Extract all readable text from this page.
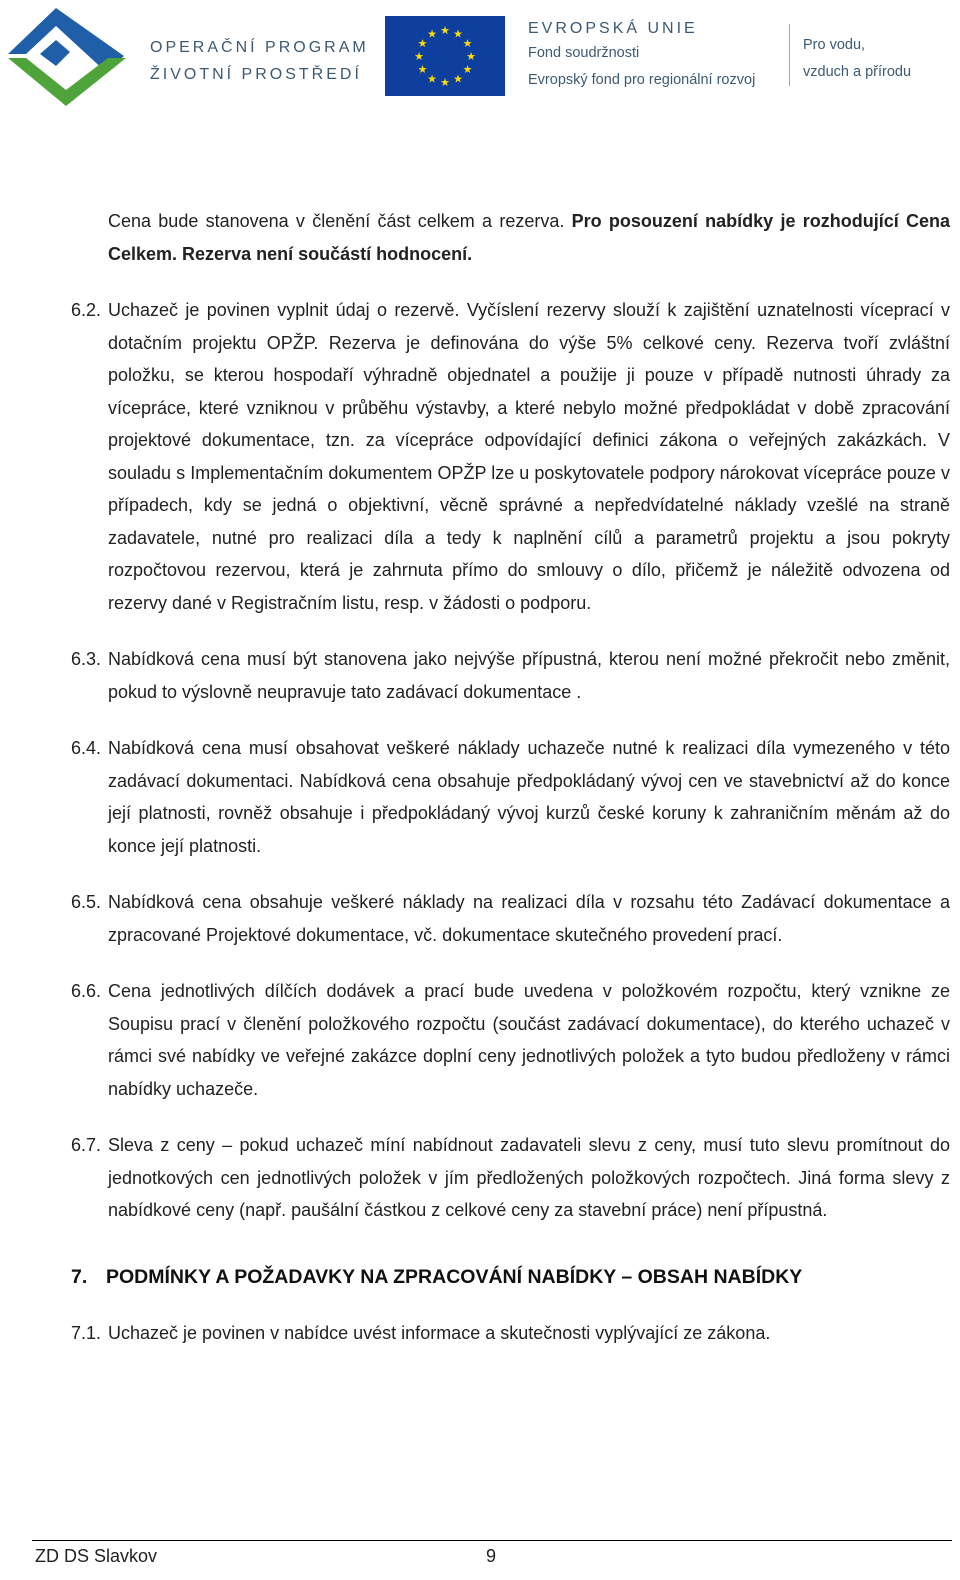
OPERAČNÍ PROGRAM
ŽIVOTNÍ PROSTŘEDÍ
★ ★
★
★
★
★
★
★
★
★
★
★	EVROPSKÁ UNIE
Fond soudržnosti
Evropský fond pro regionální rozvoj
Pro vodu,
vzduch a přírodu
Cena bude stanovena v členění část celkem a rezerva. Pro posouzení nabídky je rozhodující Cena Celkem. Rezerva není součástí hodnocení.
6.2. Uchazeč je povinen vyplnit údaj o rezervě. Vyčíslení rezervy slouží k zajištění uznatelnosti víceprací v dotačním projektu OPŽP. Rezerva je definována do výše 5% celkové ceny. Rezerva tvoří zvláštní položku, se kterou hospodaří výhradně objednatel a použije ji pouze v případě nutnosti úhrady za vícepráce, které vzniknou v průběhu výstavby, a které nebylo možné předpokládat v době zpracování projektové dokumentace, tzn. za vícepráce odpovídající definici zákona o veřejných zakázkách. V souladu s Implementačním dokumentem OPŽP lze u poskytovatele podpory nárokovat vícepráce pouze v případech, kdy se jedná o objektivní, věcně správné a nepředvídatelné náklady vzešlé na straně zadavatele, nutné pro realizaci díla a tedy k naplnění cílů a parametrů projektu a jsou pokryty rozpočtovou rezervou, která je zahrnuta přímo do smlouvy o dílo, přičemž je náležitě odvozena od rezervy dané v Registračním listu, resp. v žádosti o podporu.
6.3. Nabídková cena musí být stanovena jako nejvýše přípustná, kterou není možné překročit nebo změnit, pokud to výslovně neupravuje tato zadávací dokumentace .
6.4. Nabídková cena musí obsahovat veškeré náklady uchazeče nutné k realizaci díla vymezeného v této zadávací dokumentaci. Nabídková cena obsahuje předpokládaný vývoj cen ve stavebnictví až do konce její platnosti, rovněž obsahuje i předpokládaný vývoj kurzů české koruny k zahraničním měnám až do konce její platnosti.
6.5. Nabídková cena obsahuje veškeré náklady na realizaci díla v rozsahu této Zadávací dokumentace a zpracované Projektové dokumentace, vč. dokumentace skutečného provedení prací.
6.6. Cena jednotlivých dílčích dodávek a prací bude uvedena v položkovém rozpočtu, který vznikne ze Soupisu prací v členění položkového rozpočtu (součást zadávací dokumentace), do kterého uchazeč v rámci své nabídky ve veřejné zakázce doplní ceny jednotlivých položek a tyto budou předloženy v rámci nabídky uchazeče.
6.7. Sleva z ceny – pokud uchazeč míní nabídnout zadavateli slevu z ceny, musí tuto slevu promítnout do jednotkových cen jednotlivých položek v jím předložených položkových rozpočtech. Jiná forma slevy z nabídkové ceny (např. paušální částkou z celkové ceny za stavební práce) není přípustná.
7. PODMÍNKY A POŽADAVKY NA ZPRACOVÁNÍ NABÍDKY – OBSAH NABÍDKY
7.1. Uchazeč je povinen v nabídce uvést informace a skutečnosti vyplývající ze zákona.
ZD DS Slavkov	9
